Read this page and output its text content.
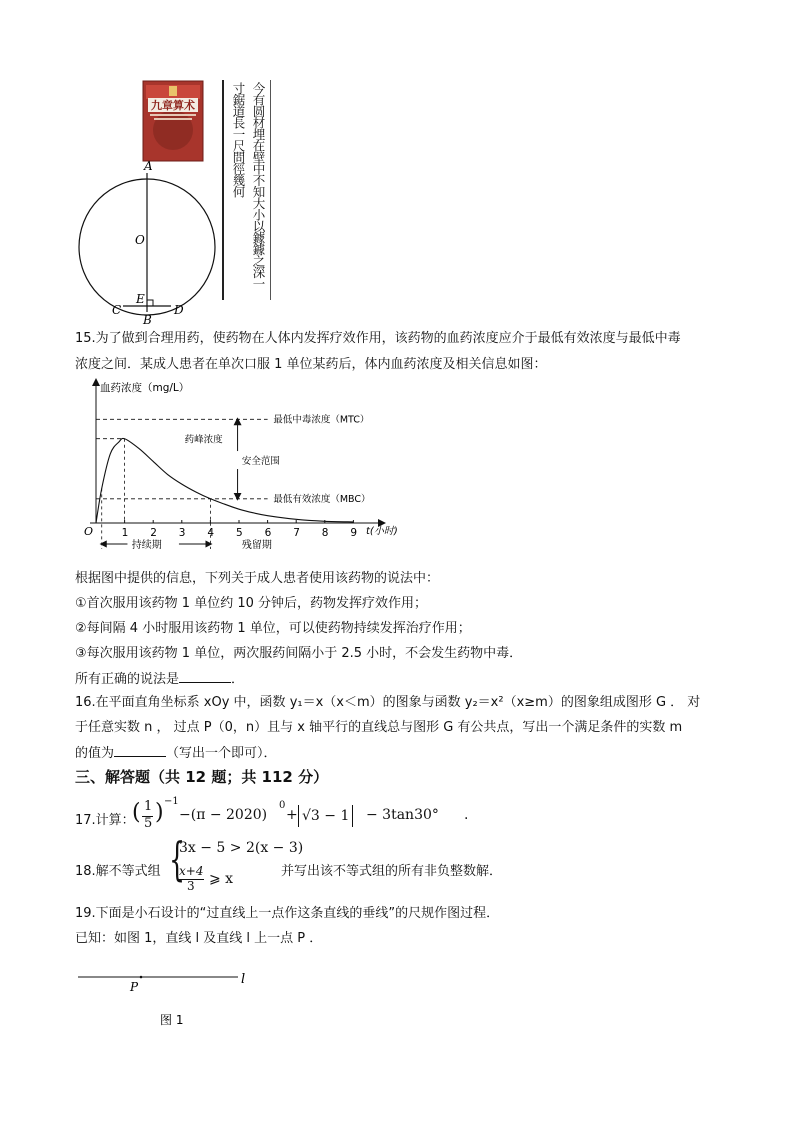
九章算术
A
O
E
C	D
B
今有圆材埋在壁中不知大小以鐻鐻之深一
寸鋸道長一尺問徑幾何
15.为了做到合理用药，使药物在人体内发挥疗效作用，该药物的血药浓度应介于最低有效浓度与最低中毒
浓度之间．某成人患者在单次口服 1 单位某药后，体内血药浓度及相关信息如图：
血药浓度（mg/L）
t(小时)
O	1 2 3 4 5 6 7 8 9
最低中毒浓度（MTC）
药峰浓度
安全范围
最低有效浓度（MBC）
持续期	残留期
根据图中提供的信息，下列关于成人患者使用该药物的说法中：
①首次服用该药物 1 单位约 10 分钟后，药物发挥疗效作用；
②每间隔 4 小时服用该药物 1 单位，可以使药物持续发挥治疗作用；
③每次服用该药物 1 单位，两次服药间隔小于 2.5 小时，不会发生药物中毒．
所有正确的说法是	．
16.在平面直角坐标系 xOy 中，函数 y₁＝x（x＜m）的图象与函数 y₂＝x²（x≥m）的图象组成图形 G ． 对
于任意实数 n ， 过点 P（0，n）且与 x 轴平行的直线总与图形 G 有公共点，写出一个满足条件的实数 m
的值为	（写出一个即可）．
三、解答题（共 12 题；共 112 分）
17.计算：
( 1
5 ) −1
−(π − 2020)
0
+ √3 − 1 − 3tan30° .
18.解不等式组 {
3x − 5 > 2(x − 3)
x+4
3 ⩾ x	并写出该不等式组的所有非负整数解．
19.下面是小石设计的“过直线上一点作这条直线的垂线”的尺规作图过程．
已知：如图 1，直线 l 及直线 l 上一点 P ．
P	l
图 1
